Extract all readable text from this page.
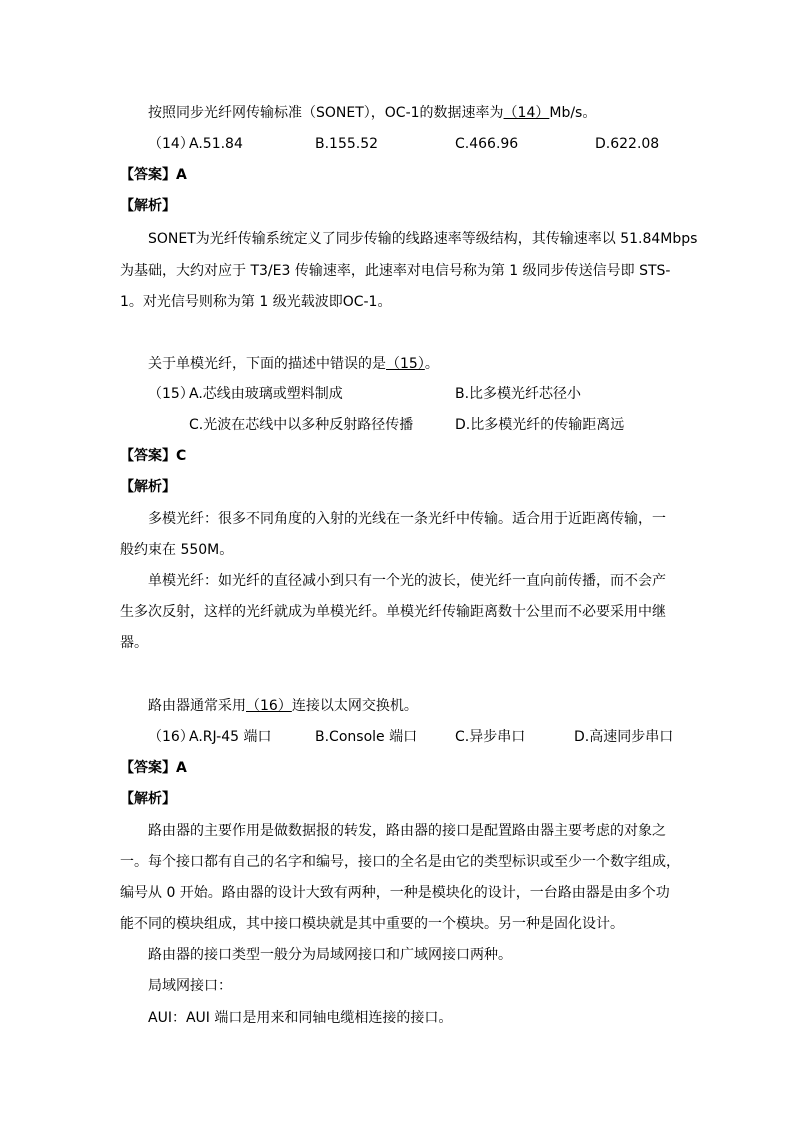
按照同步光纤网传输标准（SONET），OC-1的数据速率为（14）Mb/s。
（14）
A.51.84	B.155.52	C.466.96	D.622.08
【答案】A
【解析】
SONET为光纤传输系统定义了同步传输的线路速率等级结构，其传输速率以 51.84Mbps
为基础，大约对应于 T3/E3 传输速率，此速率对电信号称为第 1 级同步传送信号即 STS-
1。对光信号则称为第 1 级光载波即OC-1。
关于单模光纤，下面的描述中错误的是（15）。
（15）
A.芯线由玻璃或塑料制成	B.比多模光纤芯径小
C.光波在芯线中以多种反射路径传播	D.比多模光纤的传输距离远
【答案】C
【解析】
多模光纤：很多不同角度的入射的光线在一条光纤中传输。适合用于近距离传输，一
般约束在 550M。
单模光纤：如光纤的直径减小到只有一个光的波长，使光纤一直向前传播，而不会产
生多次反射，这样的光纤就成为单模光纤。单模光纤传输距离数十公里而不必要采用中继
器。
路由器通常采用（16）连接以太网交换机。
（16）
A.RJ-45 端口	B.Console 端口	C.异步串口	D.高速同步串口
【答案】A
【解析】
路由器的主要作用是做数据报的转发，路由器的接口是配置路由器主要考虑的对象之
一。每个接口都有自己的名字和编号，接口的全名是由它的类型标识或至少一个数字组成，
编号从 0 开始。路由器的设计大致有两种，一种是模块化的设计，一台路由器是由多个功
能不同的模块组成，其中接口模块就是其中重要的一个模块。另一种是固化设计。
路由器的接口类型一般分为局域网接口和广域网接口两种。
局域网接口：
AUI：AUI 端口是用来和同轴电缆相连接的接口。
